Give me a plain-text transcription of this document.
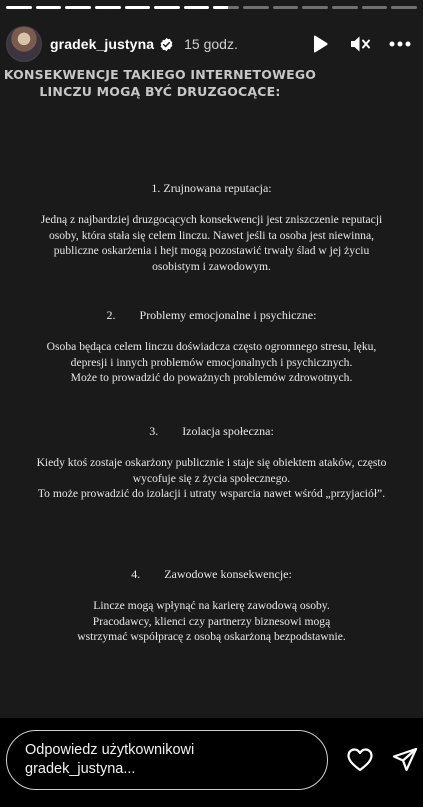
gradek_justyna 15 godz.
KONSEKWENCJE TAKIEGO INTERNETOWEGO
LINCZU MOGĄ BYĆ DRUZGOCĄCE:
1. Zrujnowana reputacja:
Jedną z najbardziej druzgocących konsekwencji jest zniszczenie reputacji
osoby, która stała się celem linczu. Nawet jeśli ta osoba jest niewinna,
publiczne oskarżenia i hejt mogą pozostawić trwały ślad w jej życiu
osobistym i zawodowym.
2.        Problemy emocjonalne i psychiczne:
Osoba będąca celem linczu doświadcza często ogromnego stresu, lęku,
depresji i innych problemów emocjonalnych i psychicznych.
Może to prowadzić do poważnych problemów zdrowotnych.
3.        Izolacja społeczna:
Kiedy ktoś zostaje oskarżony publicznie i staje się obiektem ataków, często
wycofuje się z życia społecznego.
To może prowadzić do izolacji i utraty wsparcia nawet wśród „przyjaciół”.
4.        Zawodowe konsekwencje:
Lincze mogą wpłynąć na karierę zawodową osoby.
Pracodawcy, klienci czy partnerzy biznesowi mogą
wstrzymać współpracę z osobą oskarżoną bezpodstawnie.
Odpowiedz użytkownikowi
gradek_justyna...
